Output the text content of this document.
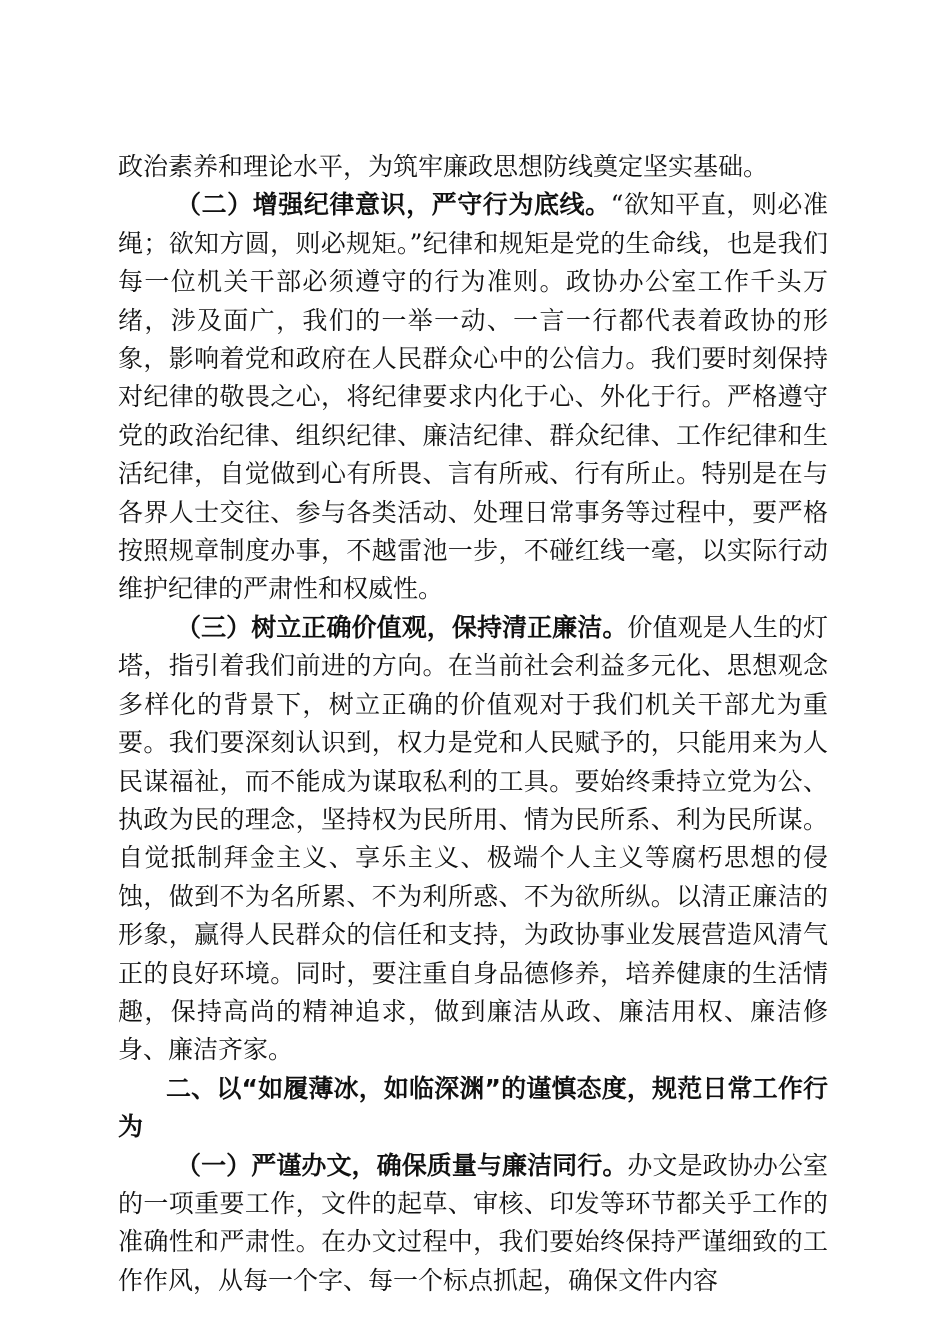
政治素养和理论水平，为筑牢廉政思想防线奠定坚实基础。

（二）增强纪律意识，严守行为底线。“欲知平直，则必准绳；欲知方圆，则必规矩。”纪律和规矩是党的生命线，也是我们每一位机关干部必须遵守的行为准则。政协办公室工作千头万绪，涉及面广，我们的一举一动、一言一行都代表着政协的形象，影响着党和政府在人民群众心中的公信力。我们要时刻保持对纪律的敬畏之心，将纪律要求内化于心、外化于行。严格遵守党的政治纪律、组织纪律、廉洁纪律、群众纪律、工作纪律和生活纪律，自觉做到心有所畏、言有所戒、行有所止。特别是在与各界人士交往、参与各类活动、处理日常事务等过程中，要严格按照规章制度办事，不越雷池一步，不碰红线一毫，以实际行动维护纪律的严肃性和权威性。

（三）树立正确价值观，保持清正廉洁。价值观是人生的灯塔，指引着我们前进的方向。在当前社会利益多元化、思想观念多样化的背景下，树立正确的价值观对于我们机关干部尤为重要。我们要深刻认识到，权力是党和人民赋予的，只能用来为人民谋福祉，而不能成为谋取私利的工具。要始终秉持立党为公、执政为民的理念，坚持权为民所用、情为民所系、利为民所谋。自觉抵制拜金主义、享乐主义、极端个人主义等腐朽思想的侵蚀，做到不为名所累、不为利所惑、不为欲所纵。以清正廉洁的形象，赢得人民群众的信任和支持，为政协事业发展营造风清气正的良好环境。同时，要注重自身品德修养，培养健康的生活情趣，保持高尚的精神追求，做到廉洁从政、廉洁用权、廉洁修身、廉洁齐家。

二、以“如履薄冰，如临深渊”的谨慎态度，规范日常工作行为

（一）严谨办文，确保质量与廉洁同行。办文是政协办公室的一项重要工作，文件的起草、审核、印发等环节都关乎工作的准确性和严肃性。在办文过程中，我们要始终保持严谨细致的工作作风，从每一个字、每一个标点抓起，确保文件内容
